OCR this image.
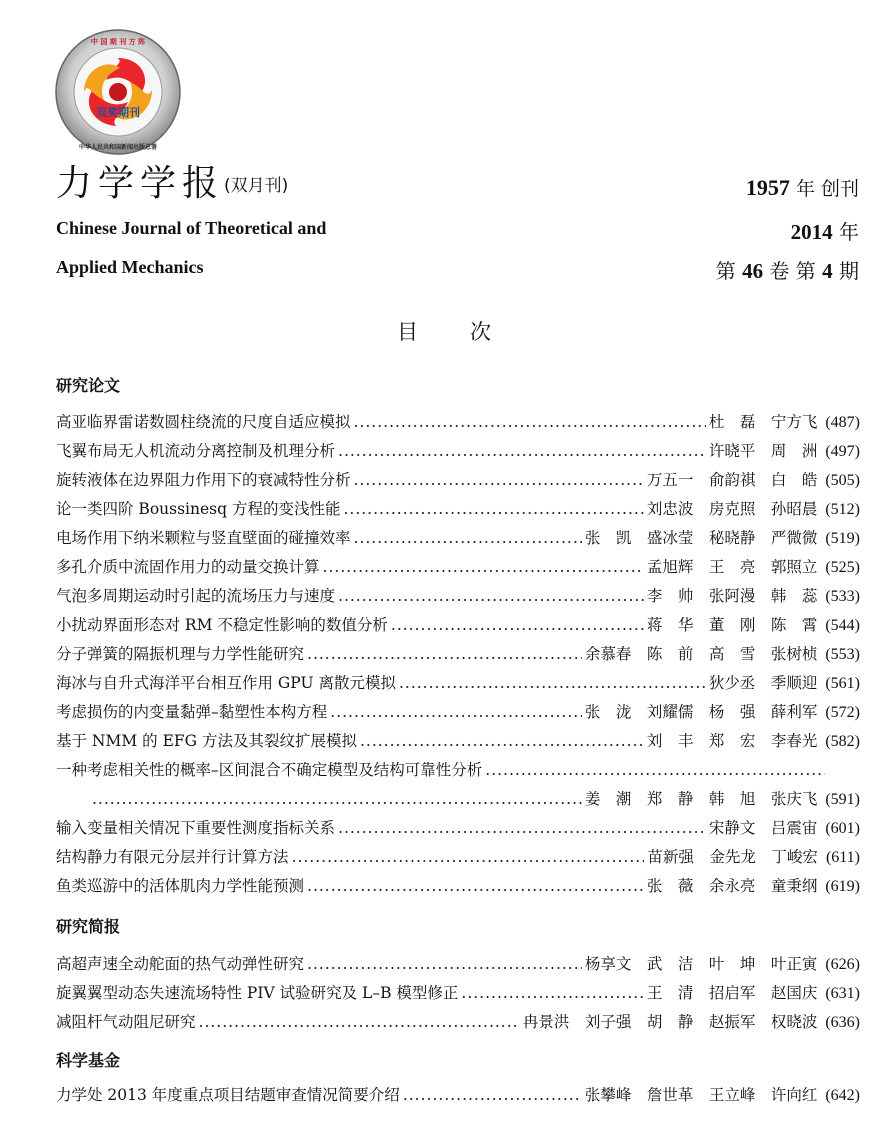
双奖期刊
中 国 期 刊 方 阵
中华人民共和国新闻出版总署
力学学报(双月刊)	1957 年 创刊
Chinese Journal of Theoretical and
Applied Mechanics
2014 年
第 46 卷 第 4 期
目次
研究论文
高亚临界雷诺数圆柱绕流的尺度自适应模拟 .....	杜　磊　宁方飞 (487)
飞翼布局无人机流动分离控制及机理分析 .....	许晓平　周　洲 (497)
旋转液体在边界阻力作用下的衰减特性分析 .....	万五一　俞韵祺　白　皓 (505)
论一类四阶 Boussinesq 方程的变浅性能 .....	刘忠波　房克照　孙昭晨 (512)
电场作用下纳米颗粒与竖直壁面的碰撞效率 .....	张　凯　盛冰莹　秘晓静　严微微 (519)
多孔介质中流固作用力的动量交换计算 .....	孟旭辉　王　亮　郭照立 (525)
气泡多周期运动时引起的流场压力与速度 .....	李　帅　张阿漫　韩　蕊 (533)
小扰动界面形态对 RM 不稳定性影响的数值分析 .....	蒋　华　董　刚　陈　霄 (544)
分子弹簧的隔振机理与力学性能研究 .....	余慕春　陈　前　高　雪　张树桢 (553)
海冰与自升式海洋平台相互作用 GPU 离散元模拟 .....	狄少丞　季顺迎 (561)
考虑损伤的内变量黏弹–黏塑性本构方程 .....	张　泷　刘耀儒　杨　强　薛利军 (572)
基于 NMM 的 EFG 方法及其裂纹扩展模拟 .....	刘　丰　郑　宏　李春光 (582)
一种考虑相关性的概率–区间混合不确定模型及结构可靠性分析
.....
.....
姜　潮　郑　静　韩　旭　张庆飞 (591)
输入变量相关情况下重要性测度指标关系 .....	宋静文　吕震宙 (601)
结构静力有限元分层并行计算方法 .....	苗新强　金先龙　丁峻宏 (611)
鱼类巡游中的活体肌肉力学性能预测 .....	张　薇　余永亮　童秉纲 (619)
研究简报
高超声速全动舵面的热气动弹性研究 .....	杨享文　武　洁　叶　坤　叶正寅 (626)
旋翼翼型动态失速流场特性 PIV 试验研究及 L–B 模型修正 .....	王　清　招启军　赵国庆 (631)
减阻杆气动阻尼研究 .....	冉景洪　刘子强　胡　静　赵振军　权晓波 (636)
科学基金
力学处 2013 年度重点项目结题审查情况简要介绍 .....	张攀峰　詹世革　王立峰　许向红 (642)
